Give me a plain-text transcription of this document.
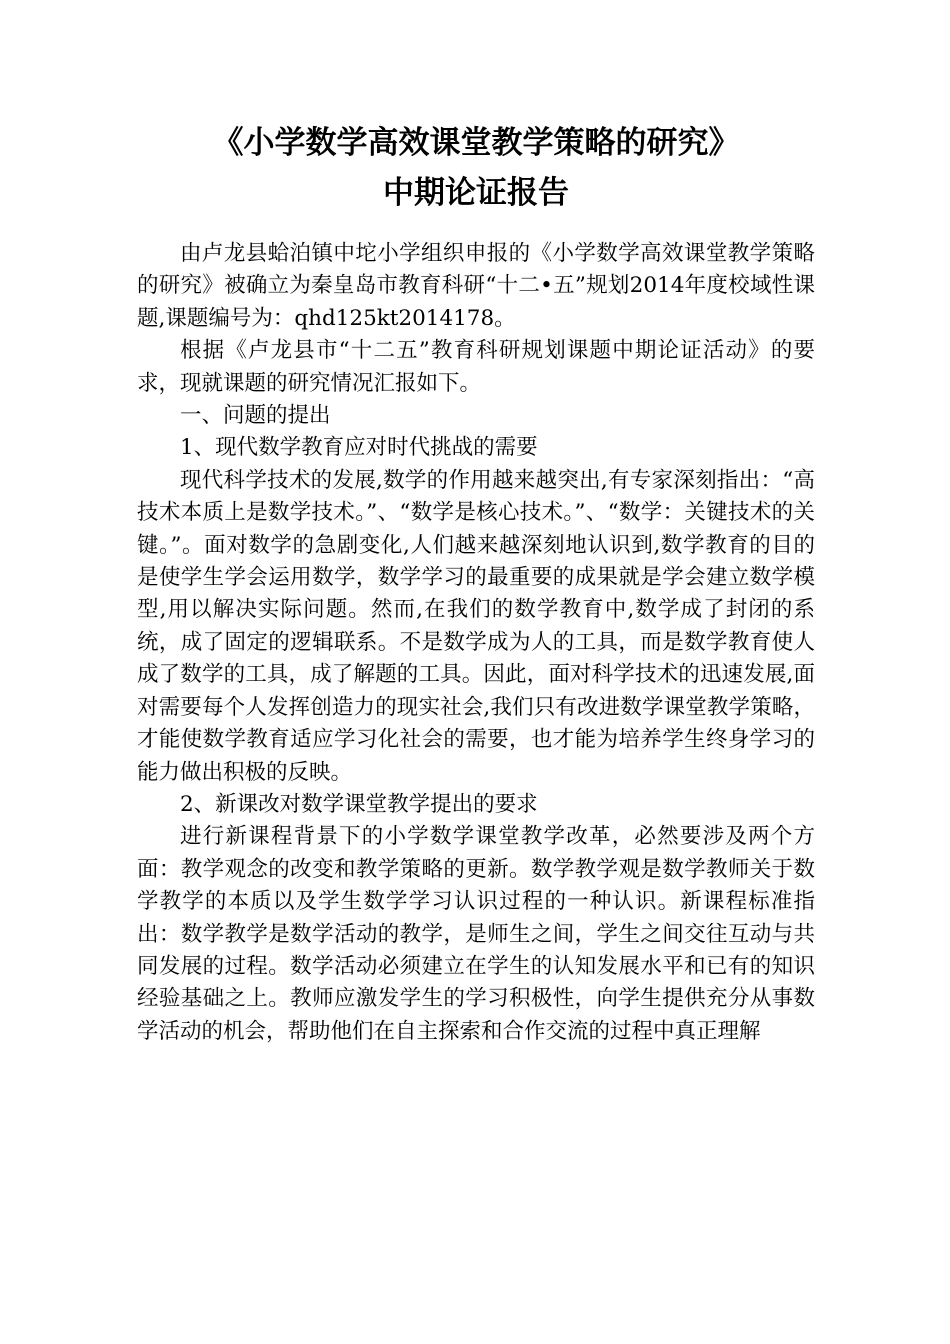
《小学数学高效课堂教学策略的研究》
中期论证报告

由卢龙县蛤泊镇中坨小学组织申报的《小学数学高效课堂教学策略的研究》被确立为秦皇岛市教育科研“十二•五”规划2014年度校域性课题,课题编号为：qhd125kt2014178。

根据《卢龙县市“十二五”教育科研规划课题中期论证活动》的要求，现就课题的研究情况汇报如下。

一、问题的提出

1、现代数学教育应对时代挑战的需要

现代科学技术的发展,数学的作用越来越突出,有专家深刻指出：“高技术本质上是数学技术。”、“数学是核心技术。”、“数学：关键技术的关键。”。面对数学的急剧变化,人们越来越深刻地认识到,数学教育的目的是使学生学会运用数学，数学学习的最重要的成果就是学会建立数学模型,用以解决实际问题。然而,在我们的数学教育中,数学成了封闭的系统，成了固定的逻辑联系。不是数学成为人的工具，而是数学教育使人成了数学的工具，成了解题的工具。因此，面对科学技术的迅速发展,面对需要每个人发挥创造力的现实社会,我们只有改进数学课堂教学策略，才能使数学教育适应学习化社会的需要，也才能为培养学生终身学习的能力做出积极的反映。

2、新课改对数学课堂教学提出的要求

进行新课程背景下的小学数学课堂教学改革，必然要涉及两个方面：教学观念的改变和教学策略的更新。数学教学观是数学教师关于数学教学的本质以及学生数学学习认识过程的一种认识。新课程标准指出：数学教学是数学活动的教学，是师生之间，学生之间交往互动与共同发展的过程。数学活动必须建立在学生的认知发展水平和已有的知识经验基础之上。教师应激发学生的学习积极性，向学生提供充分从事数学活动的机会，帮助他们在自主探索和合作交流的过程中真正理解
